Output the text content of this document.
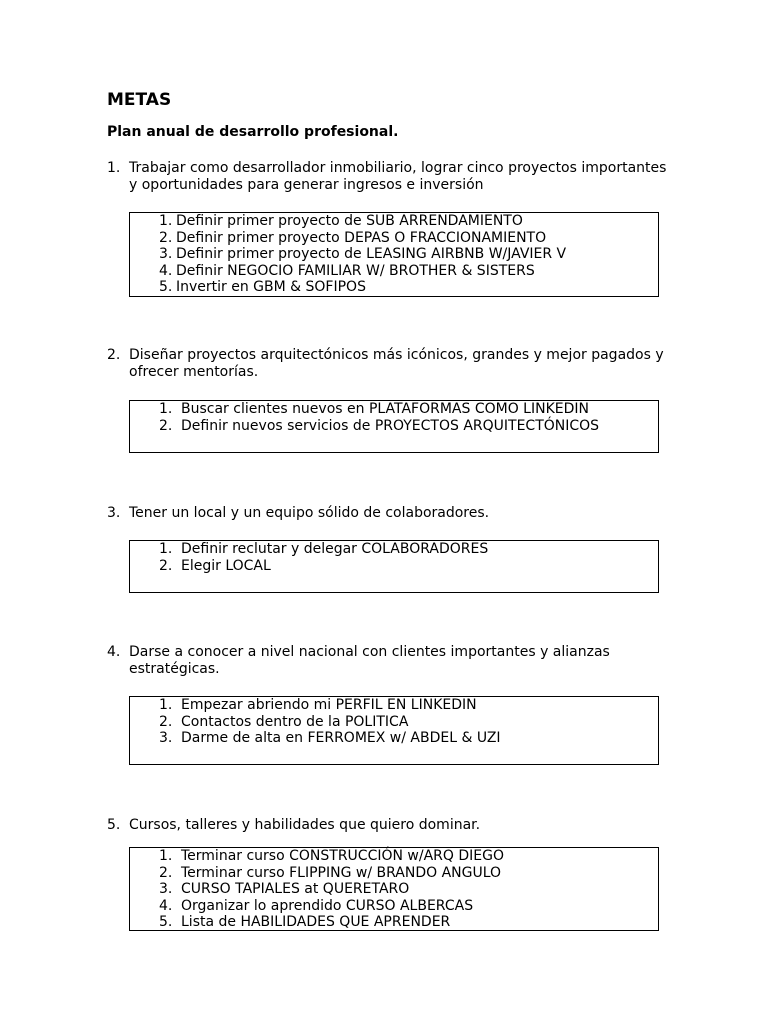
METAS
Plan anual de desarrollo profesional.
1. Trabajar como desarrollador inmobiliario, lograr cinco proyectos importantes y oportunidades para generar ingresos e inversión
1. Definir primer proyecto de SUB ARRENDAMIENTO
2. Definir primer proyecto DEPAS O FRACCIONAMIENTO
3. Definir primer proyecto de LEASING AIRBNB W/JAVIER V
4. Definir NEGOCIO FAMILIAR W/ BROTHER & SISTERS
5. Invertir en GBM & SOFIPOS
2. Diseñar proyectos arquitectónicos más icónicos, grandes y mejor pagados y ofrecer mentorías.
1. Buscar clientes nuevos en PLATAFORMAS COMO LINKEDIN
2. Definir nuevos servicios de PROYECTOS ARQUITECTÓNICOS
3. Tener un local y un equipo sólido de colaboradores.
1. Definir reclutar y delegar COLABORADORES
2. Elegir LOCAL
4. Darse a conocer a nivel nacional con clientes importantes y alianzas estratégicas.
1. Empezar abriendo mi PERFIL EN LINKEDIN
2. Contactos dentro de la POLITICA
3. Darme de alta en FERROMEX w/ ABDEL & UZI
5. Cursos, talleres y habilidades que quiero dominar.
1. Terminar curso CONSTRUCCIÓN w/ARQ DIEGO
2. Terminar curso FLIPPING w/ BRANDO ANGULO
3. CURSO TAPIALES at QUERETARO
4. Organizar lo aprendido CURSO ALBERCAS
5. Lista de HABILIDADES QUE APRENDER
